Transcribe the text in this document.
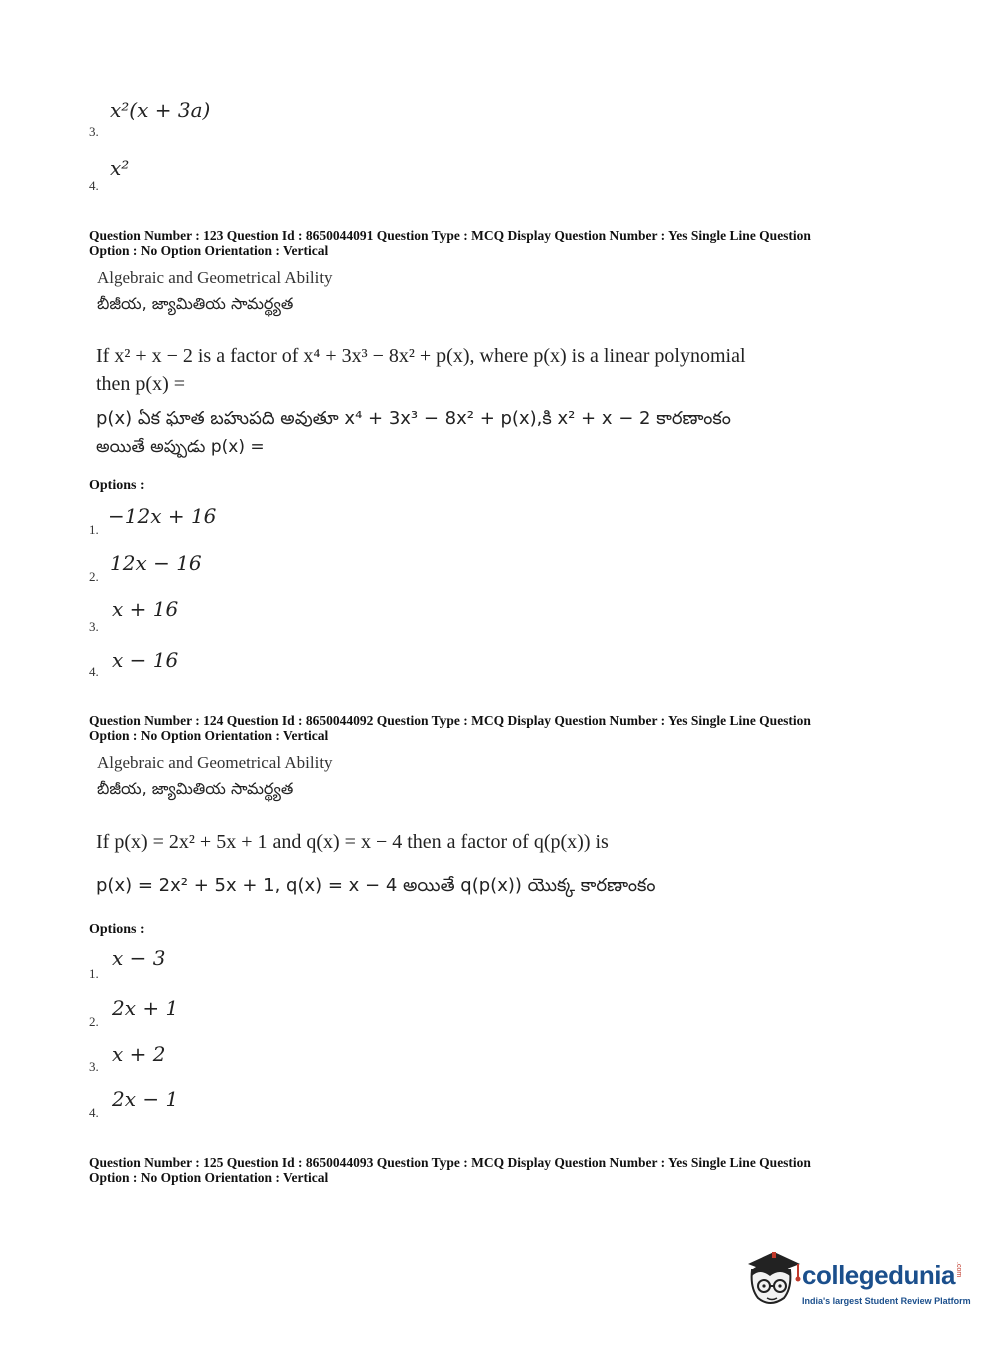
x²(x + 3a)
3.
x²
4.
Question Number : 123 Question Id : 8650044091 Question Type : MCQ Display Question Number : Yes Single Line Question
Option : No Option Orientation : Vertical
Algebraic and Geometrical Ability
బీజీయ, జ్యామితియ సామర్థ్యత
If x² + x − 2 is a factor of x⁴ + 3x³ − 8x² + p(x), where p(x) is a linear polynomial
then p(x) =
p(x) ఏక ఘాత బహుపది అవుతూ x⁴ + 3x³ − 8x² + p(x),కి x² + x − 2 కారణాంకం
అయితే అప్పుడు p(x) =
Options :
−12x + 16
1.
12x − 16
2.
x + 16
3.
x − 16
4.
Question Number : 124 Question Id : 8650044092 Question Type : MCQ Display Question Number : Yes Single Line Question
Option : No Option Orientation : Vertical
Algebraic and Geometrical Ability
బీజీయ, జ్యామితియ సామర్థ్యత
If p(x) = 2x² + 5x + 1 and q(x) = x − 4 then a factor of q(p(x)) is
p(x) = 2x² + 5x + 1, q(x) = x − 4 అయితే q(p(x)) యొక్క కారణాంకం
Options :
x − 3
1.
2x + 1
2.
x + 2
3.
2x − 1
4.
Question Number : 125 Question Id : 8650044093 Question Type : MCQ Display Question Number : Yes Single Line Question
Option : No Option Orientation : Vertical
collegedunia .com
India's largest Student Review Platform
